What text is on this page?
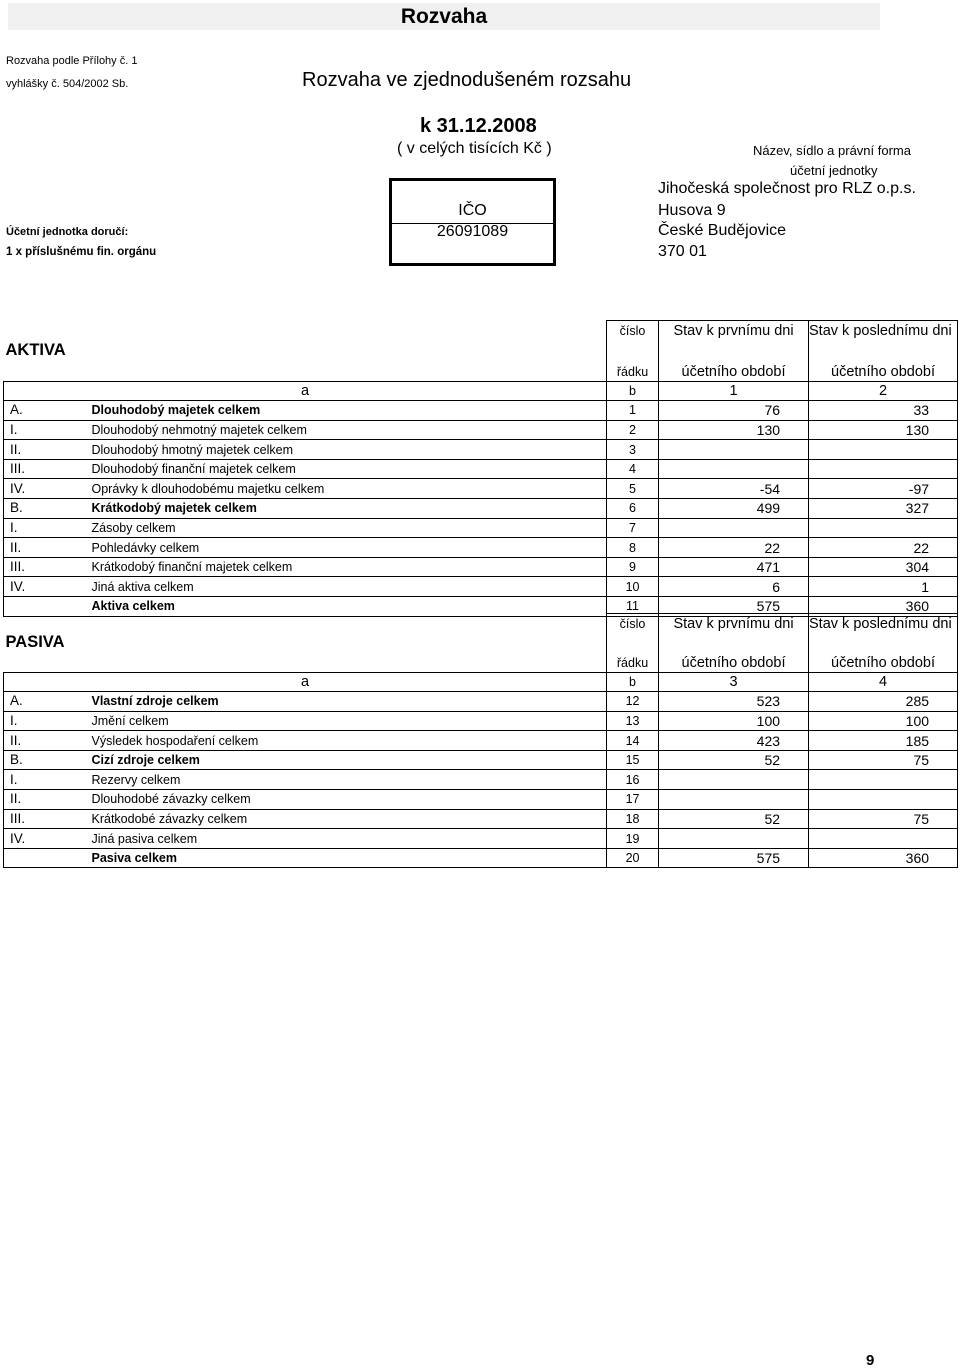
Rozvaha
Rozvaha podle Přílohy č. 1
vyhlášky č. 504/2002 Sb.	Rozvaha ve zjednodušeném rozsahu
k 31.12.2008
( v celých tisících Kč )
IČO
26091089
Účetní jednotka doručí:
1 x příslušnému fin. orgánu
Název, sídlo a právní forma
účetní jednotky
Jihočeská společnost pro RLZ o.p.s.
Husova 9
České Budějovice
370 01
AKTIVA		číslo	Stav k prvnímu dni	Stav k poslednímu dni
		řádku	účetního období	účetního období
a		b	1	2
A.	Dlouhodobý majetek celkem	1	76	33
I.	Dlouhodobý nehmotný majetek celkem	2	130	130
II.	Dlouhodobý hmotný majetek celkem	3		
III.	Dlouhodobý finanční majetek celkem	4		
IV.	Oprávky k dlouhodobému majetku celkem	5	-54	-97
B.	Krátkodobý majetek celkem	6	499	327
I.	Zásoby celkem	7		
II.	Pohledávky celkem	8	22	22
III.	Krátkodobý finanční majetek celkem	9	471	304
IV.	Jiná aktiva celkem	10	6	1
	Aktiva celkem	11	575	360
PASIVA		číslo	Stav k prvnímu dni	Stav k poslednímu dni
		řádku	účetního období	účetního období
a		b	3	4
A.	Vlastní zdroje celkem	12	523	285
I.	Jmění celkem	13	100	100
II.	Výsledek hospodaření celkem	14	423	185
B.	Cizí zdroje celkem	15	52	75
I.	Rezervy celkem	16		
II.	Dlouhodobé závazky celkem	17		
III.	Krátkodobé závazky celkem	18	52	75
IV.	Jiná pasiva celkem	19		
	Pasiva celkem	20	575	360
9
